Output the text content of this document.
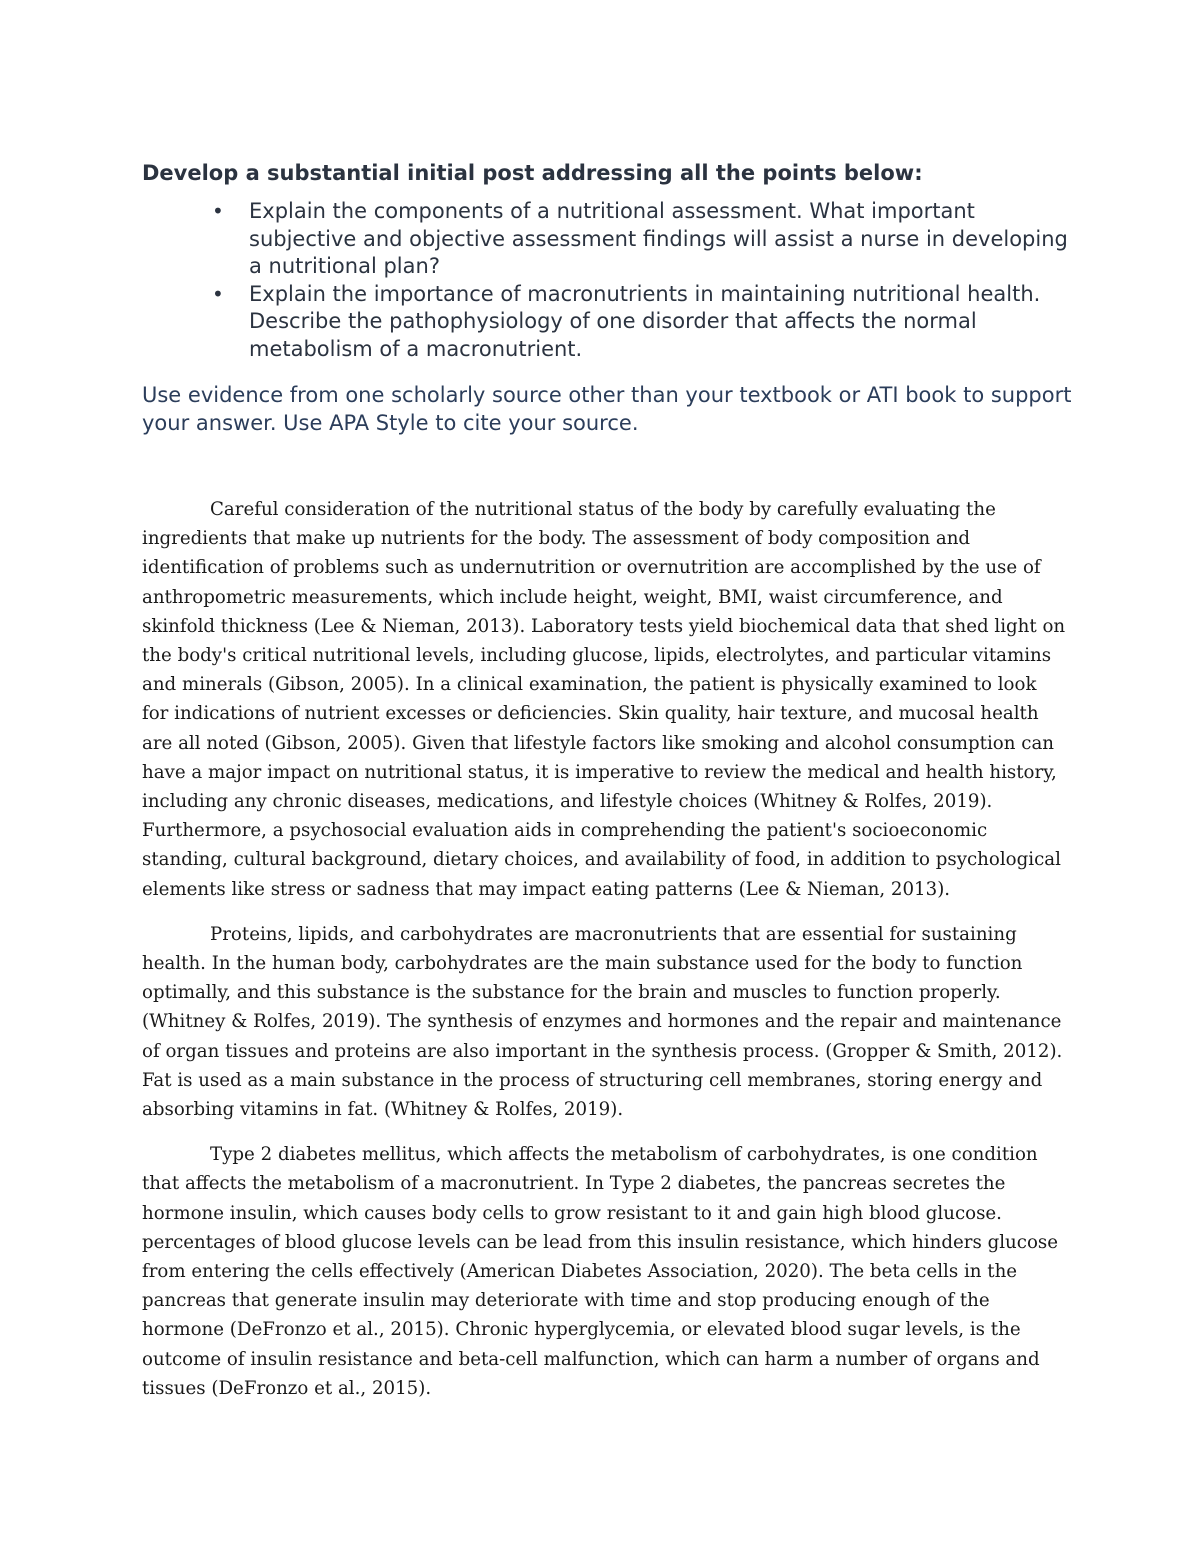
Develop a substantial initial post addressing all the points below:

• Explain the components of a nutritional assessment. What important subjective and objective assessment findings will assist a nurse in developing a nutritional plan?
• Explain the importance of macronutrients in maintaining nutritional health. Describe the pathophysiology of one disorder that affects the normal metabolism of a macronutrient.

Use evidence from one scholarly source other than your textbook or ATI book to support your answer. Use APA Style to cite your source.

Careful consideration of the nutritional status of the body by carefully evaluating the ingredients that make up nutrients for the body. The assessment of body composition and identification of problems such as undernutrition or overnutrition are accomplished by the use of anthropometric measurements, which include height, weight, BMI, waist circumference, and skinfold thickness (Lee & Nieman, 2013). Laboratory tests yield biochemical data that shed light on the body's critical nutritional levels, including glucose, lipids, electrolytes, and particular vitamins and minerals (Gibson, 2005). In a clinical examination, the patient is physically examined to look for indications of nutrient excesses or deficiencies. Skin quality, hair texture, and mucosal health are all noted (Gibson, 2005). Given that lifestyle factors like smoking and alcohol consumption can have a major impact on nutritional status, it is imperative to review the medical and health history, including any chronic diseases, medications, and lifestyle choices (Whitney & Rolfes, 2019). Furthermore, a psychosocial evaluation aids in comprehending the patient's socioeconomic standing, cultural background, dietary choices, and availability of food, in addition to psychological elements like stress or sadness that may impact eating patterns (Lee & Nieman, 2013).

Proteins, lipids, and carbohydrates are macronutrients that are essential for sustaining health. In the human body, carbohydrates are the main substance used for the body to function optimally, and this substance is the substance for the brain and muscles to function properly. (Whitney & Rolfes, 2019). The synthesis of enzymes and hormones and the repair and maintenance of organ tissues and proteins are also important in the synthesis process. (Gropper & Smith, 2012). Fat is used as a main substance in the process of structuring cell membranes, storing energy and absorbing vitamins in fat. (Whitney & Rolfes, 2019).

Type 2 diabetes mellitus, which affects the metabolism of carbohydrates, is one condition that affects the metabolism of a macronutrient. In Type 2 diabetes, the pancreas secretes the hormone insulin, which causes body cells to grow resistant to it and gain high blood glucose. percentages of blood glucose levels can be lead from this insulin resistance, which hinders glucose from entering the cells effectively (American Diabetes Association, 2020). The beta cells in the pancreas that generate insulin may deteriorate with time and stop producing enough of the hormone (DeFronzo et al., 2015). Chronic hyperglycemia, or elevated blood sugar levels, is the outcome of insulin resistance and beta-cell malfunction, which can harm a number of organs and tissues (DeFronzo et al., 2015).
